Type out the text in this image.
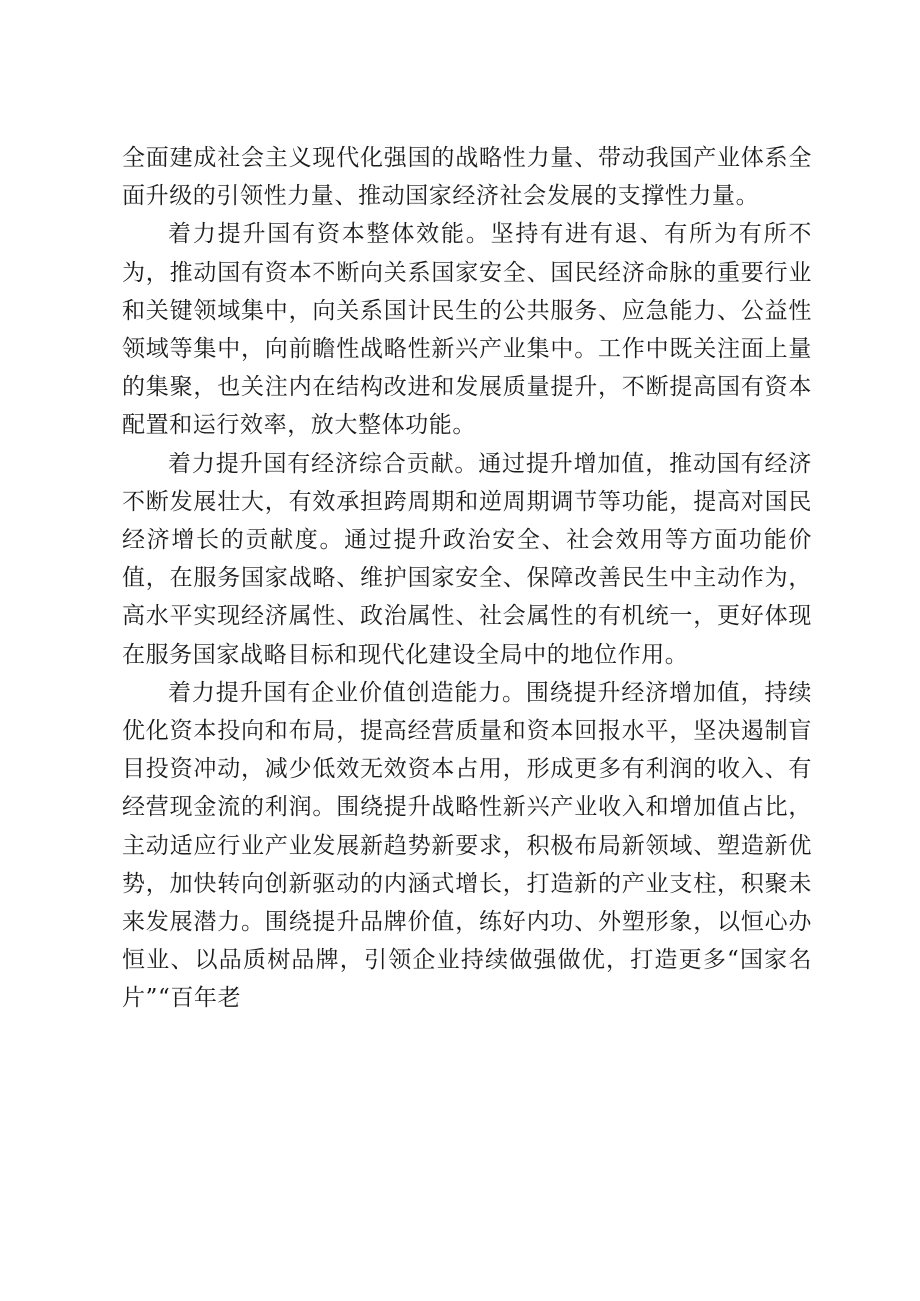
全面建成社会主义现代化强国的战略性力量、带动我国产业体系全面升级的引领性力量、推动国家经济社会发展的支撑性力量。

着力提升国有资本整体效能。坚持有进有退、有所为有所不为，推动国有资本不断向关系国家安全、国民经济命脉的重要行业和关键领域集中，向关系国计民生的公共服务、应急能力、公益性领域等集中，向前瞻性战略性新兴产业集中。工作中既关注面上量的集聚，也关注内在结构改进和发展质量提升，不断提高国有资本配置和运行效率，放大整体功能。

着力提升国有经济综合贡献。通过提升增加值，推动国有经济不断发展壮大，有效承担跨周期和逆周期调节等功能，提高对国民经济增长的贡献度。通过提升政治安全、社会效用等方面功能价值，在服务国家战略、维护国家安全、保障改善民生中主动作为，高水平实现经济属性、政治属性、社会属性的有机统一，更好体现在服务国家战略目标和现代化建设全局中的地位作用。

着力提升国有企业价值创造能力。围绕提升经济增加值，持续优化资本投向和布局，提高经营质量和资本回报水平，坚决遏制盲目投资冲动，减少低效无效资本占用，形成更多有利润的收入、有经营现金流的利润。围绕提升战略性新兴产业收入和增加值占比，主动适应行业产业发展新趋势新要求，积极布局新领域、塑造新优势，加快转向创新驱动的内涵式增长，打造新的产业支柱，积聚未来发展潜力。围绕提升品牌价值，练好内功、外塑形象，以恒心办恒业、以品质树品牌，引领企业持续做强做优，打造更多“国家名片”“百年老
